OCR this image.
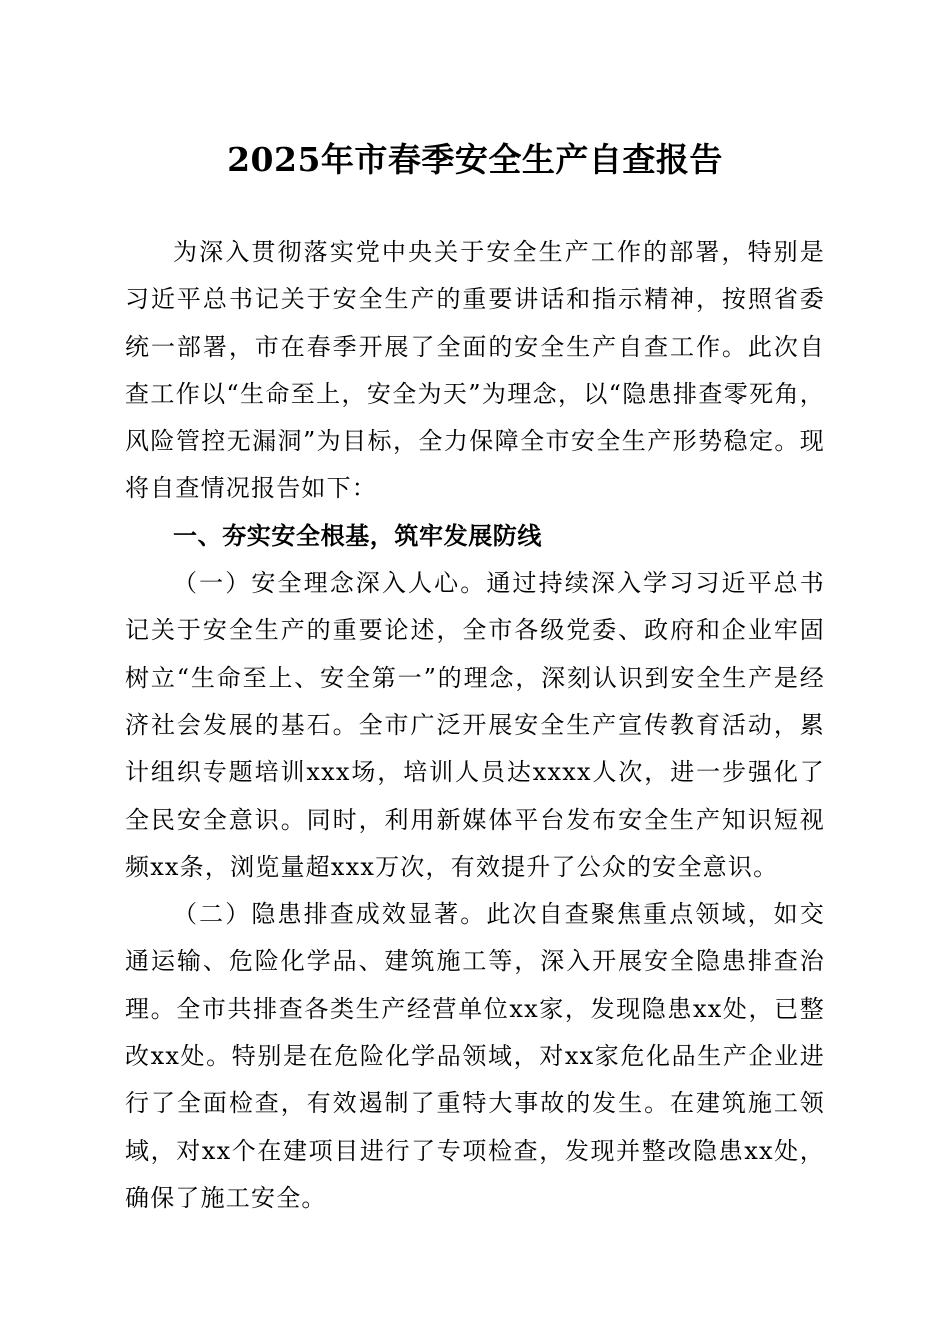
2025年市春季安全生产自查报告

为深入贯彻落实党中央关于安全生产工作的部署，特别是习近平总书记关于安全生产的重要讲话和指示精神，按照省委统一部署，市在春季开展了全面的安全生产自查工作。此次自查工作以“生命至上，安全为天”为理念，以“隐患排查零死角，风险管控无漏洞”为目标，全力保障全市安全生产形势稳定。现将自查情况报告如下：

一、夯实安全根基，筑牢发展防线

（一）安全理念深入人心。通过持续深入学习习近平总书记关于安全生产的重要论述，全市各级党委、政府和企业牢固树立“生命至上、安全第一”的理念，深刻认识到安全生产是经济社会发展的基石。全市广泛开展安全生产宣传教育活动，累计组织专题培训xxx场，培训人员达xxxx人次，进一步强化了全民安全意识。同时，利用新媒体平台发布安全生产知识短视频xx条，浏览量超xxx万次，有效提升了公众的安全意识。

（二）隐患排查成效显著。此次自查聚焦重点领域，如交通运输、危险化学品、建筑施工等，深入开展安全隐患排查治理。全市共排查各类生产经营单位xx家，发现隐患xx处，已整改xx处。特别是在危险化学品领域，对xx家危化品生产企业进行了全面检查，有效遏制了重特大事故的发生。在建筑施工领域，对xx个在建项目进行了专项检查，发现并整改隐患xx处，确保了施工安全。
